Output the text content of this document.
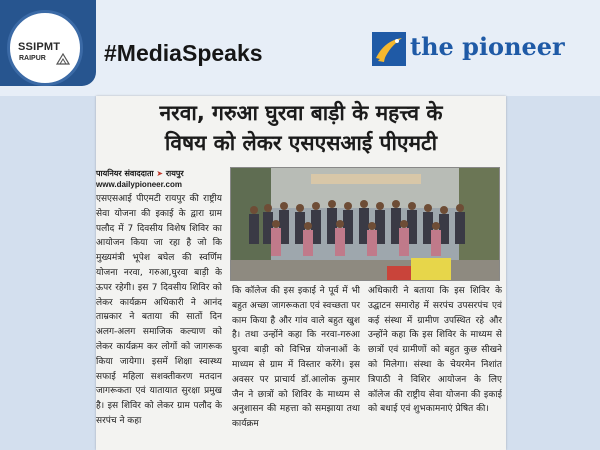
SSIPMT
RAIPUR	#MediaSpeaks	the pioneer
नरवा, गरुआ घुरवा बाड़ी के महत्त्व के
विषय को लेकर एसएसआई पीएमटी
पायनियर संवाददाता ➤ रायपुर
www.dailypioneer.com
एसएसआई पीएमटी रायपुर की राष्ट्रीय सेवा योजना की इकाई के द्वारा ग्राम पलौद में 7 दिवसीय विशेष शिविर का आयोजन किया जा रहा है जो कि मुख्यमंत्री भूपेश बघेल की स्वर्णिम योजना नरवा, गरुआ,घुरवा बाड़ी के ऊपर रहेगी। इस 7 दिवसीय शिविर को लेकर कार्यक्रम अधिकारी ने आनंद ताम्रकार ने बताया की सातों दिन अलग-अलग समाजिक कल्याण को लेकर कार्यक्रम कर लोगों को जागरूक किया जायेगा। इसमें शिक्षा स्वास्थ्य सफाई महिला सशक्तीकरण मतदान जागरूकता एवं यातायात सुरक्षा प्रमुख है। इस शिविर को लेकर ग्राम पलौद के सरपंच ने कहा
कि कॉलेज की इस इकाई ने पूर्व में भी बहुत अच्छा जागरूकता एवं स्वच्छता पर काम किया है और गांव वाले बहुत खुश है। तथा उन्होंने कहा कि नरवा-गरुआ घुरवा बाड़ी को विभिन्न योजनाओं के माध्यम से ग्राम में विस्तार करेंगे। इस अवसर पर प्राचार्य डॉ.आलोक कुमार जैन ने छात्रों को शिविर के माध्यम से अनुशासन की महत्ता को समझाया तथा कार्यक्रम
अधिकारी ने बताया कि इस शिविर के उद्घाटन समारोह में सरपंच उपसरपंच एवं कई संस्था में ग्रामीण उपस्थित रहे और उन्होंने कहा कि इस शिविर के माध्यम से छात्रों एवं ग्रामीणों को बहुत कुछ सीखने को मिलेगा। संस्था के चेयरमेन निशांत त्रिपाठी ने विशिर आयोजन के लिए कॉलेज की राष्ट्रीय सेवा योजना की इकाई को बधाई एवं शुभकामनाएं प्रेषित की।
